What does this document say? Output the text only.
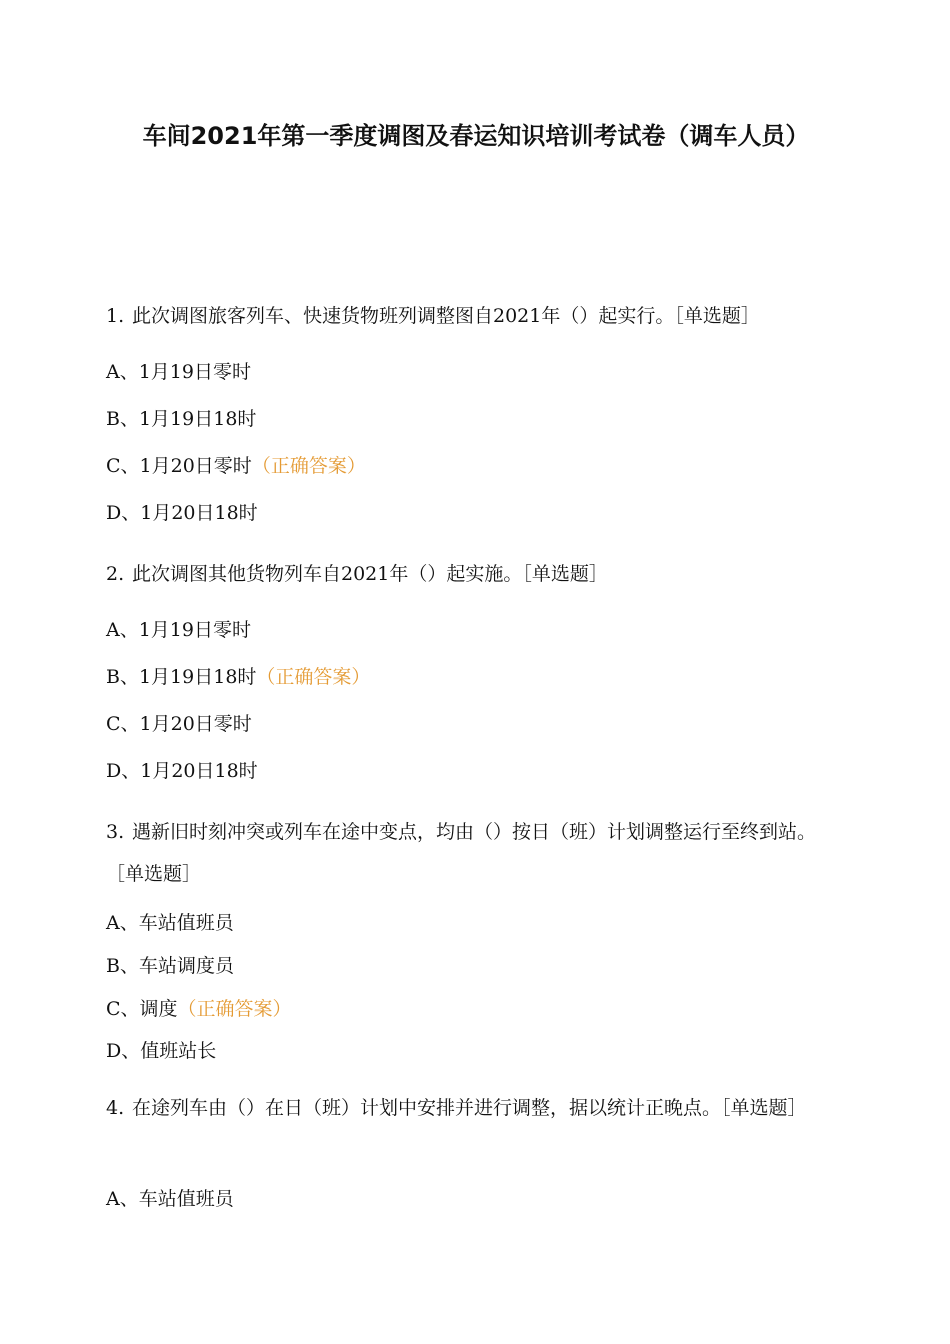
车间2021年第一季度调图及春运知识培训考试卷（调车人员）
1. 此次调图旅客列车、快速货物班列调整图自2021年（）起实行。［单选题］
A、1月19日零时
B、1月19日18时
C、1月20日零时（正确答案）
D、1月20日18时
2. 此次调图其他货物列车自2021年（）起实施。［单选题］
A、1月19日零时
B、1月19日18时（正确答案）
C、1月20日零时
D、1月20日18时
3. 遇新旧时刻冲突或列车在途中变点，均由（）按日（班）计划调整运行至终到站。［单选题］
A、车站值班员
B、车站调度员
C、调度（正确答案）
D、值班站长
4. 在途列车由（）在日（班）计划中安排并进行调整，据以统计正晚点。［单选题］
A、车站值班员
